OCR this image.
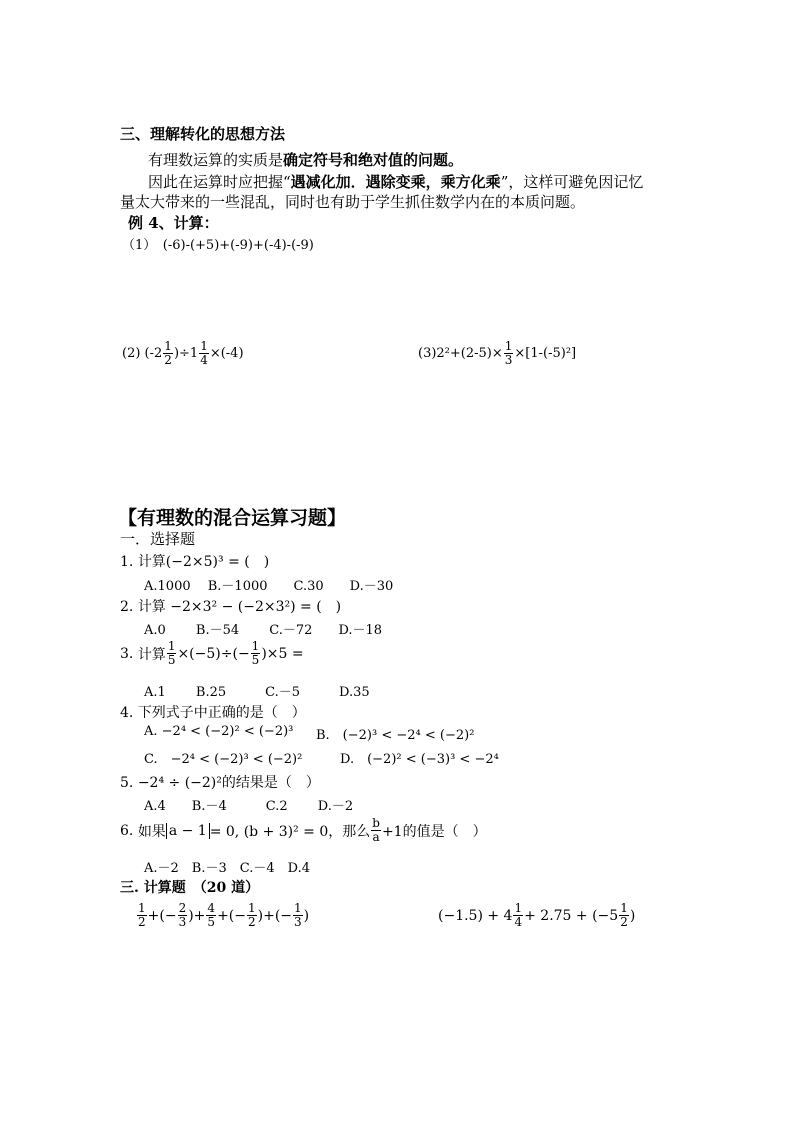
三、理解转化的思想方法
有理数运算的实质是确定符号和绝对值的问题。
因此在运算时应把握“遇减化加．遇除变乘，乘方化乘”，这样可避免因记忆
量太大带来的一些混乱，同时也有助于学生抓住数学内在的本质问题。
例 4、计算：
（1）　(-6)-(+5)+(-9)+(-4)-(-9)
(2) $(-2 \frac{1}{2} )\div 1 \frac{1}{4} \times(-4)$	$(3)2^2+(2-5)\times \frac{1}{3} \times[1-(-5)^2]$
【有理数的混合运算习题】
一．选择题
1. 计算(−2×5)³ = (　)
A.1000　 B.－1000　　C.30　　D.－30
2. 计算 −2×3² − (−2×3²) = (　)
A.0　　 B.－54　　 C.－72　　D.－18
3. 计算 $\frac{1}{5} \times(-5)\div(- \frac{1}{5} )\times 5$ =
A.1　　 B.25　　　C.－5　　　D.35
4. 下列式子中正确的是（　）
A. −2⁴ < (−2)² < (−2)³ B.　(−2)³ < −2⁴ < (−2)²
C.　−2⁴ < (−2)³ < (−2)²	D.　(−2)² < (−3)³ < −2⁴
5. −2⁴ ÷ (−2)²的结果是（　）
A.4　　B.－4　　　C.2　　 D.－2
6. 如果 a − 1 = 0, (b + 3)² = 0，那么 $\frac{b}{a} +1$的值是（　）
A.－2　B.－3　C.－4　D.4
三. 计算题　（20 道）
$\frac{1}{2}$ +(− $\frac{2}{3}$ )+ $\frac{4}{5}$ +(− $\frac{1}{2}$ )+(− $\frac{1}{3}$ )	$(-1.5) + 4 \frac{1}{4} + 2.75 + (-5 \frac{1}{2}$ )
